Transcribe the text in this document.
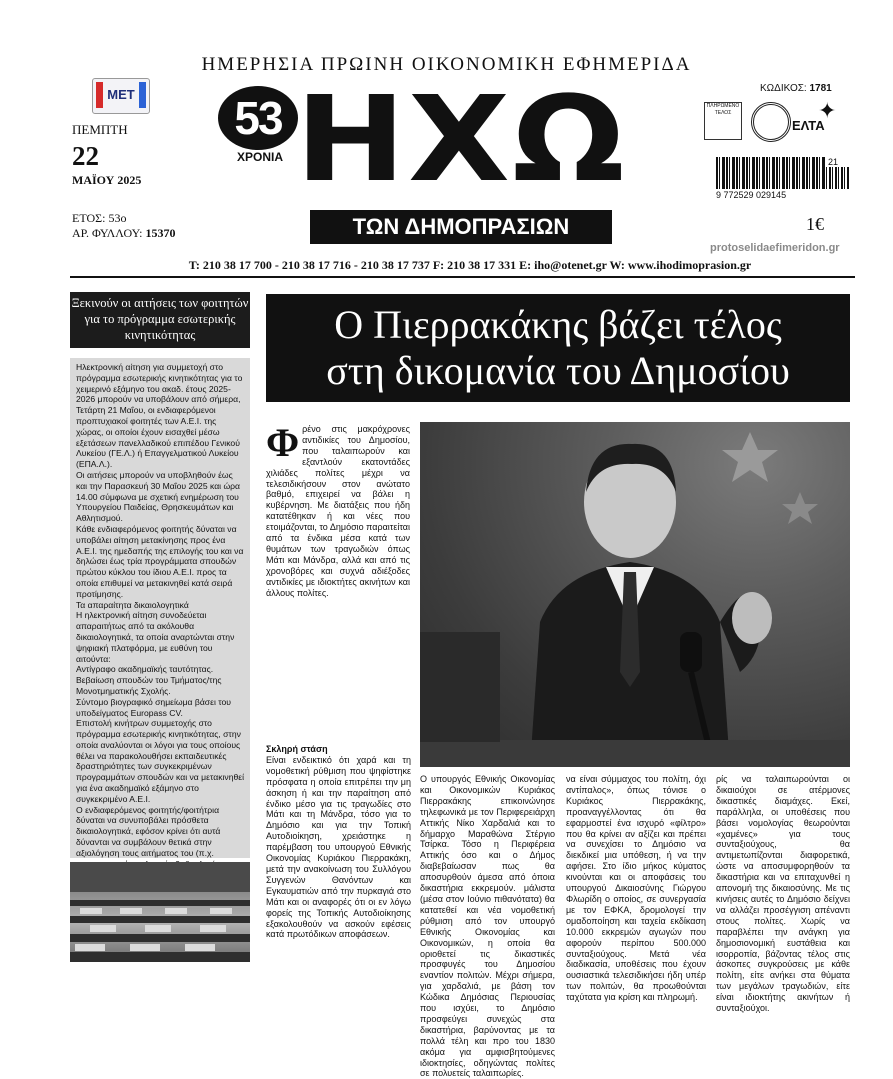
ΗΜΕΡΗΣΙΑ ΠΡΩΙΝΗ ΟΙΚΟΝΟΜΙΚΗ ΕΦΗΜΕΡΙΔΑ
ΜΕΤ
ΠΕΜΠΤΗ
22
ΜΑΪΟΥ 2025
ΕΤΟΣ: 53ο
ΑΡ. ΦΥΛΛΟΥ: 15370
53
ΧΡΟΝΙΑ ΗΧΩ
ΤΩΝ ΔΗΜΟΠΡΑΣΙΩΝ
ΚΩΔΙΚΟΣ: 1781
ΠΛΗΡΩΜΕΝΟ ΤΕΛΟΣ	✦
ΕΛΤΑ
9 772529 029145
21
1€
protoselidaefimeridon.gr
T: 210 38 17 700 - 210 38 17 716 - 210 38 17 737 F: 210 38 17 331 E: iho@otenet.gr W: www.ihodimoprasion.gr
Ξεκινούν οι αιτήσεις των φοιτητών για το πρόγραμμα εσωτερικής κινητικότητας

Ηλεκτρονική αίτηση για συμμετοχή στο πρόγραμμα εσωτερικής κινητικότητας για το χειμερινό εξάμηνο του ακαδ. έτους 2025-2026 μπορούν να υποβάλουν από σήμερα, Τετάρτη 21 Μαΐου, οι ενδιαφερόμενοι προπτυχιακοί φοιτητές των Α.Ε.Ι. της χώρας, οι οποίοι έχουν εισαχθεί μέσω εξετάσεων πανελλαδικού επιπέδου Γενικού Λυκείου (ΓΕ.Λ.) ή Επαγγελματικού Λυκείου (ΕΠΑ.Λ.).

Οι αιτήσεις μπορούν να υποβληθούν έως και την Παρασκευή 30 Μαΐου 2025 και ώρα 14.00 σύμφωνα με σχετική ενημέρωση του Υπουργείου Παιδείας, Θρησκευμάτων και Αθλητισμού.

Κάθε ενδιαφερόμενος φοιτητής δύναται να υποβάλει αίτηση μετακίνησης προς ένα Α.Ε.Ι. της ημεδαπής της επιλογής του και να δηλώσει έως τρία προγράμματα σπουδών πρώτου κύκλου του ίδιου Α.Ε.Ι. προς τα οποία επιθυμεί να μετακινηθεί κατά σειρά προτίμησης.

Τα απαραίτητα δικαιολογητικά

Η ηλεκτρονική αίτηση συνοδεύεται απαραιτήτως από τα ακόλουθα δικαιολογητικά, τα οποία αναρτώνται στην ψηφιακή πλατφόρμα, με ευθύνη του αιτούντα:

Αντίγραφο ακαδημαϊκής ταυτότητας.

Βεβαίωση σπουδών του Τμήματος/της Μονοτμηματικής Σχολής.

Σύντομο βιογραφικό σημείωμα βάσει του υποδείγματος Europass CV.

Επιστολή κινήτρων συμμετοχής στο πρόγραμμα εσωτερικής κινητικότητας, στην οποία αναλύονται οι λόγοι για τους οποίους θέλει να παρακολουθήσει εκπαιδευτικές δραστηριότητες των συγκεκριμένων προγραμμάτων σπουδών και να μετακινηθεί για ένα ακαδημαϊκό εξάμηνο στο συγκεκριμένο Α.Ε.Ι.

Ο ενδιαφερόμενος φοιτητής/φοιτήτρια δύναται να συνυποβάλει πρόσθετα δικαιολογητικά, εφόσον κρίνει ότι αυτά δύνανται να συμβάλουν θετικά στην αξιολόγηση τους αιτήματος του (π.χ.

Ο Πιερρακάκης βάζει τέλος
στη δικομανία του Δημοσίου
Φ ρένο στις μακρόχρονες αντιδικίες του Δημοσίου, που ταλαιπωρούν και εξαντλούν εκατοντάδες χιλιάδες πολίτες μέχρι να τελεσιδικήσουν στον ανώτατο βαθμό, επιχειρεί να βάλει η κυβέρνηση. Με διατάξεις που ήδη κατατέθηκαν ή και νέες που ετοιμάζονται, το Δημόσιο παραιτείται από τα ένδικα μέσα κατά των θυμάτων των τραγωδιών όπως Μάτι και Μάνδρα, αλλά και από τις χρονοβόρες και συχνά αδιέξοδες αντιδικίες με ιδιοκτήτες ακινήτων και άλλους πολίτες.

Σκληρή στάση

Είναι ενδεικτικό ότι χαρά και τη νομοθετική ρύθμιση που ψηφίστηκε πρόσφατα η οποία επιτρέπει την μη άσκηση ή και την παραίτηση από ένδικο μέσο για τις τραγωδίες στο Μάτι και τη Μάνδρα, τόσο για το Δημόσιο και για την Τοπική Αυτοδιοίκηση, χρειάστηκε η παρέμβαση του υπουργού Εθνικής Οικονομίας Κυριάκου Πιερρακάκη, μετά την ανακοίνωση του Συλλόγου Συγγενών Θανόντων και Εγκαυματιών από την πυρκαγιά στο Μάτι και οι αναφορές ότι οι εν λόγω φορείς της Τοπικής Αυτοδιοίκησης εξακολουθούν να ασκούν εφέσεις κατά πρωτόδικων αποφάσεων.

Ο υπουργός Εθνικής Οικονομίας και Οικονομικών Κυριάκος Πιερρακάκης επικοινώνησε τηλεφωνικά με τον Περιφερειάρχη Αττικής Νίκο Χαρδαλιά και το δήμαρχο Μαραθώνα Στέργιο Τσίρκα. Τόσο η Περιφέρεια Αττικής όσο και ο Δήμος διαβεβαίωσαν πως θα αποσυρθούν άμεσα από όποια δικαστήρια εκκρεμούν. μάλιστα (μέσα στον Ιούνιο πιθανότατα) θα κατατεθεί και νέα νομοθετική ρύθμιση από τον υπουργό Εθνικής Οικονομίας και Οικονομικών, η οποία θα οριοθετεί τις δικαστικές προσφυγές του Δημοσίου εναντίον πολιτών. Μέχρι σήμερα, για χαρδαλιά, με βάση τον Κώδικα Δημόσιας Περιουσίας που ισχύει, το Δημόσιο προσφεύγει συνεχώς στα δικαστήρια, βαρύνοντας με τα πολλά τέλη και προ του 1830 ακόμα για αμφισβητούμενες ιδιοκτησίες, οδηγώντας πολίτες σε πολυετείς ταλαιπωρίες.

να είναι σύμμαχος του πολίτη, όχι αντίπαλος», όπως τόνισε ο Κυριάκος Πιερρακάκης, προαναγγέλλοντας ότι θα εφαρμοστεί ένα ισχυρό «φίλτρο» που θα κρίνει αν αξίζει και πρέπει να συνεχίσει το Δημόσιο να διεκδικεί μια υπόθεση, ή να την αφήσει. Στο ίδιο μήκος κύματος κινούνται και οι αποφάσεις του υπουργού Δικαιοσύνης Γιώργου Φλωρίδη ο οποίος, σε συνεργασία με τον ΕΦΚΑ, δρομολογεί την ομαδοποίηση και ταχεία εκδίκαση 10.000 εκκρεμών αγωγών που αφορούν περίπου 500.000 συνταξιούχους. Μετά νέα διαδικασία, υποθέσεις που έχουν ουσιαστικά τελεσιδικήσει ήδη υπέρ των πολιτών, θα προωθούνται ταχύτατα για κρίση και πληρωμή.

ρίς να ταλαιπωρούνται οι δικαιούχοι σε ατέρμονες δικαστικές διαμάχες. Εκεί, παράλληλα, οι υποθέσεις που βάσει νομολογίας θεωρούνται «χαμένες» για τους συνταξιούχους, θα αντιμετωπίζονται διαφορετικά, ώστε να αποσυμφορηθούν τα δικαστήρια και να επιταχυνθεί η απονομή της δικαιοσύνης. Με τις κινήσεις αυτές το Δημόσιο δείχνει να αλλάζει προσέγγιση απέναντι στους πολίτες. Χωρίς να παραβλέπει την ανάγκη για δημοσιονομική ευστάθεια και ισορροπία, βάζοντας τέλος στις άσκοπες συγκρούσεις με κάθε πολίτη, είτε ανήκει στα θύματα των μεγάλων τραγωδιών, είτε είναι ιδιοκτήτης ακινήτων ή συνταξιούχοι.
